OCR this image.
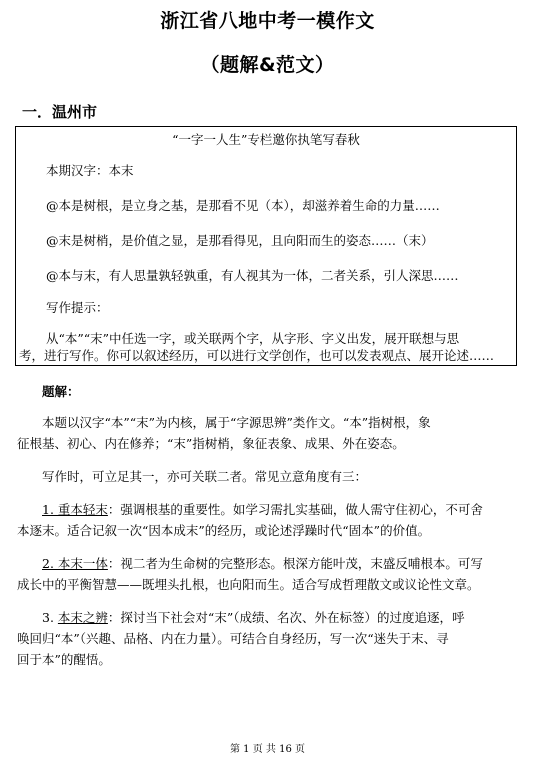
浙江省八地中考一模作文
（题解&范文）
一．温州市
“一字一人生”专栏邀你执笔写春秋
本期汉字：本末
@本是树根，是立身之基，是那看不见（本），却滋养着生命的力量……
@末是树梢，是价值之显，是那看得见，且向阳而生的姿态……（末）
@本与末，有人思量孰轻孰重，有人视其为一体，二者关系，引人深思……
写作提示：
从“本”“末”中任选一字，或关联两个字，从字形、字义出发，展开联想与思
考，进行写作。你可以叙述经历，可以进行文学创作，也可以发表观点、展开论述……
题解：
本题以汉字“本”“末”为内核，属于“字源思辨”类作文。“本”指树根，象
征根基、初心、内在修养；“末”指树梢，象征表象、成果、外在姿态。
写作时，可立足其一，亦可关联二者。常见立意角度有三：
1. 重本轻末：强调根基的重要性。如学习需扎实基础，做人需守住初心，不可舍
本逐末。适合记叙一次“因本成末”的经历，或论述浮躁时代“固本”的价值。
2. 本末一体：视二者为生命树的完整形态。根深方能叶茂，末盛反哺根本。可写
成长中的平衡智慧——既埋头扎根，也向阳而生。适合写成哲理散文或议论性文章。
3. 本末之辨：探讨当下社会对“末”（成绩、名次、外在标签）的过度追逐，呼
唤回归“本”（兴趣、品格、内在力量）。可结合自身经历，写一次“迷失于末、寻
回于本”的醒悟。
第 1 页 共 16 页
